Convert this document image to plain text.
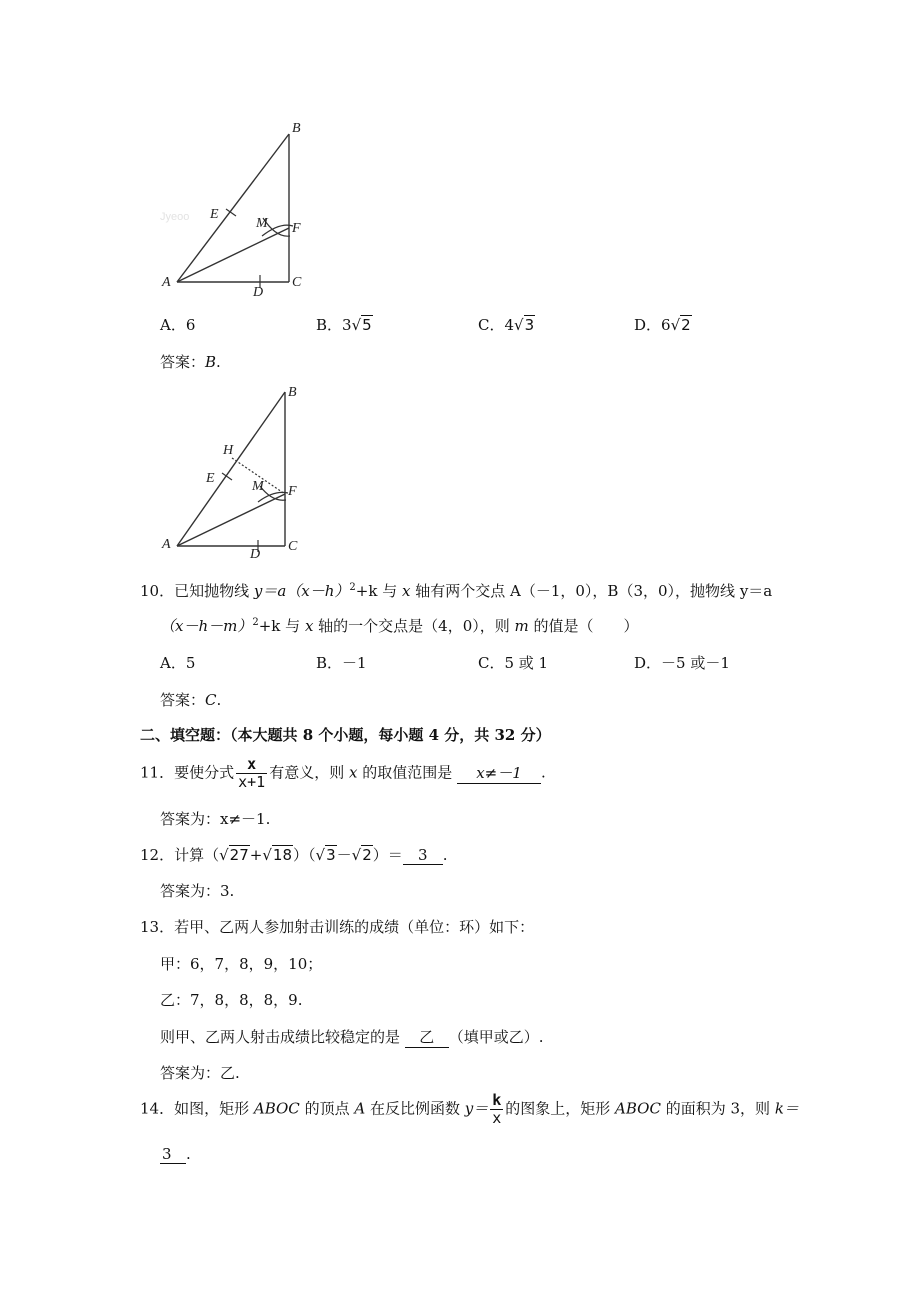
Jyeoo
B
E
M F
A
D
C
A．6	B．3√5	C．4√3	D．6√2
答案：B.
B
H
E
M F
A
D
C
10．已知抛物线 $y=a(x-h)^2+k$ 与 x 轴有两个交点 A（－1，0），B（3，0），抛物线 y＝a
$(x-h-m)^2+k$ 与 x 轴的一个交点是（4，0），则 m 的值是（　　）
A．5	B．－1	C．5 或 1	D．－5 或－1
答案：C.
二、填空题：（本大题共 8 个小题，每小题 4 分，共 32 分）
11．要使分式 $\frac{x}{x+1}$ 有意义，则 x 的取值范围是 x≠－1 .
答案为：x≠－1.
12．计算（√27+√18）（√3－√2）＝ 3 .
答案为：3.
13．若甲、乙两人参加射击训练的成绩（单位：环）如下：
甲：6，7，8，9，10；
乙：7，8，8，8，9.
则甲、乙两人射击成绩比较稳定的是 乙 （填甲或乙）.
答案为：乙.
14．如图，矩形 ABOC 的顶点 A 在反比例函数 $y= \frac{k}{x}$ 的图象上，矩形 ABOC 的面积为 3，则 k＝
3 .
